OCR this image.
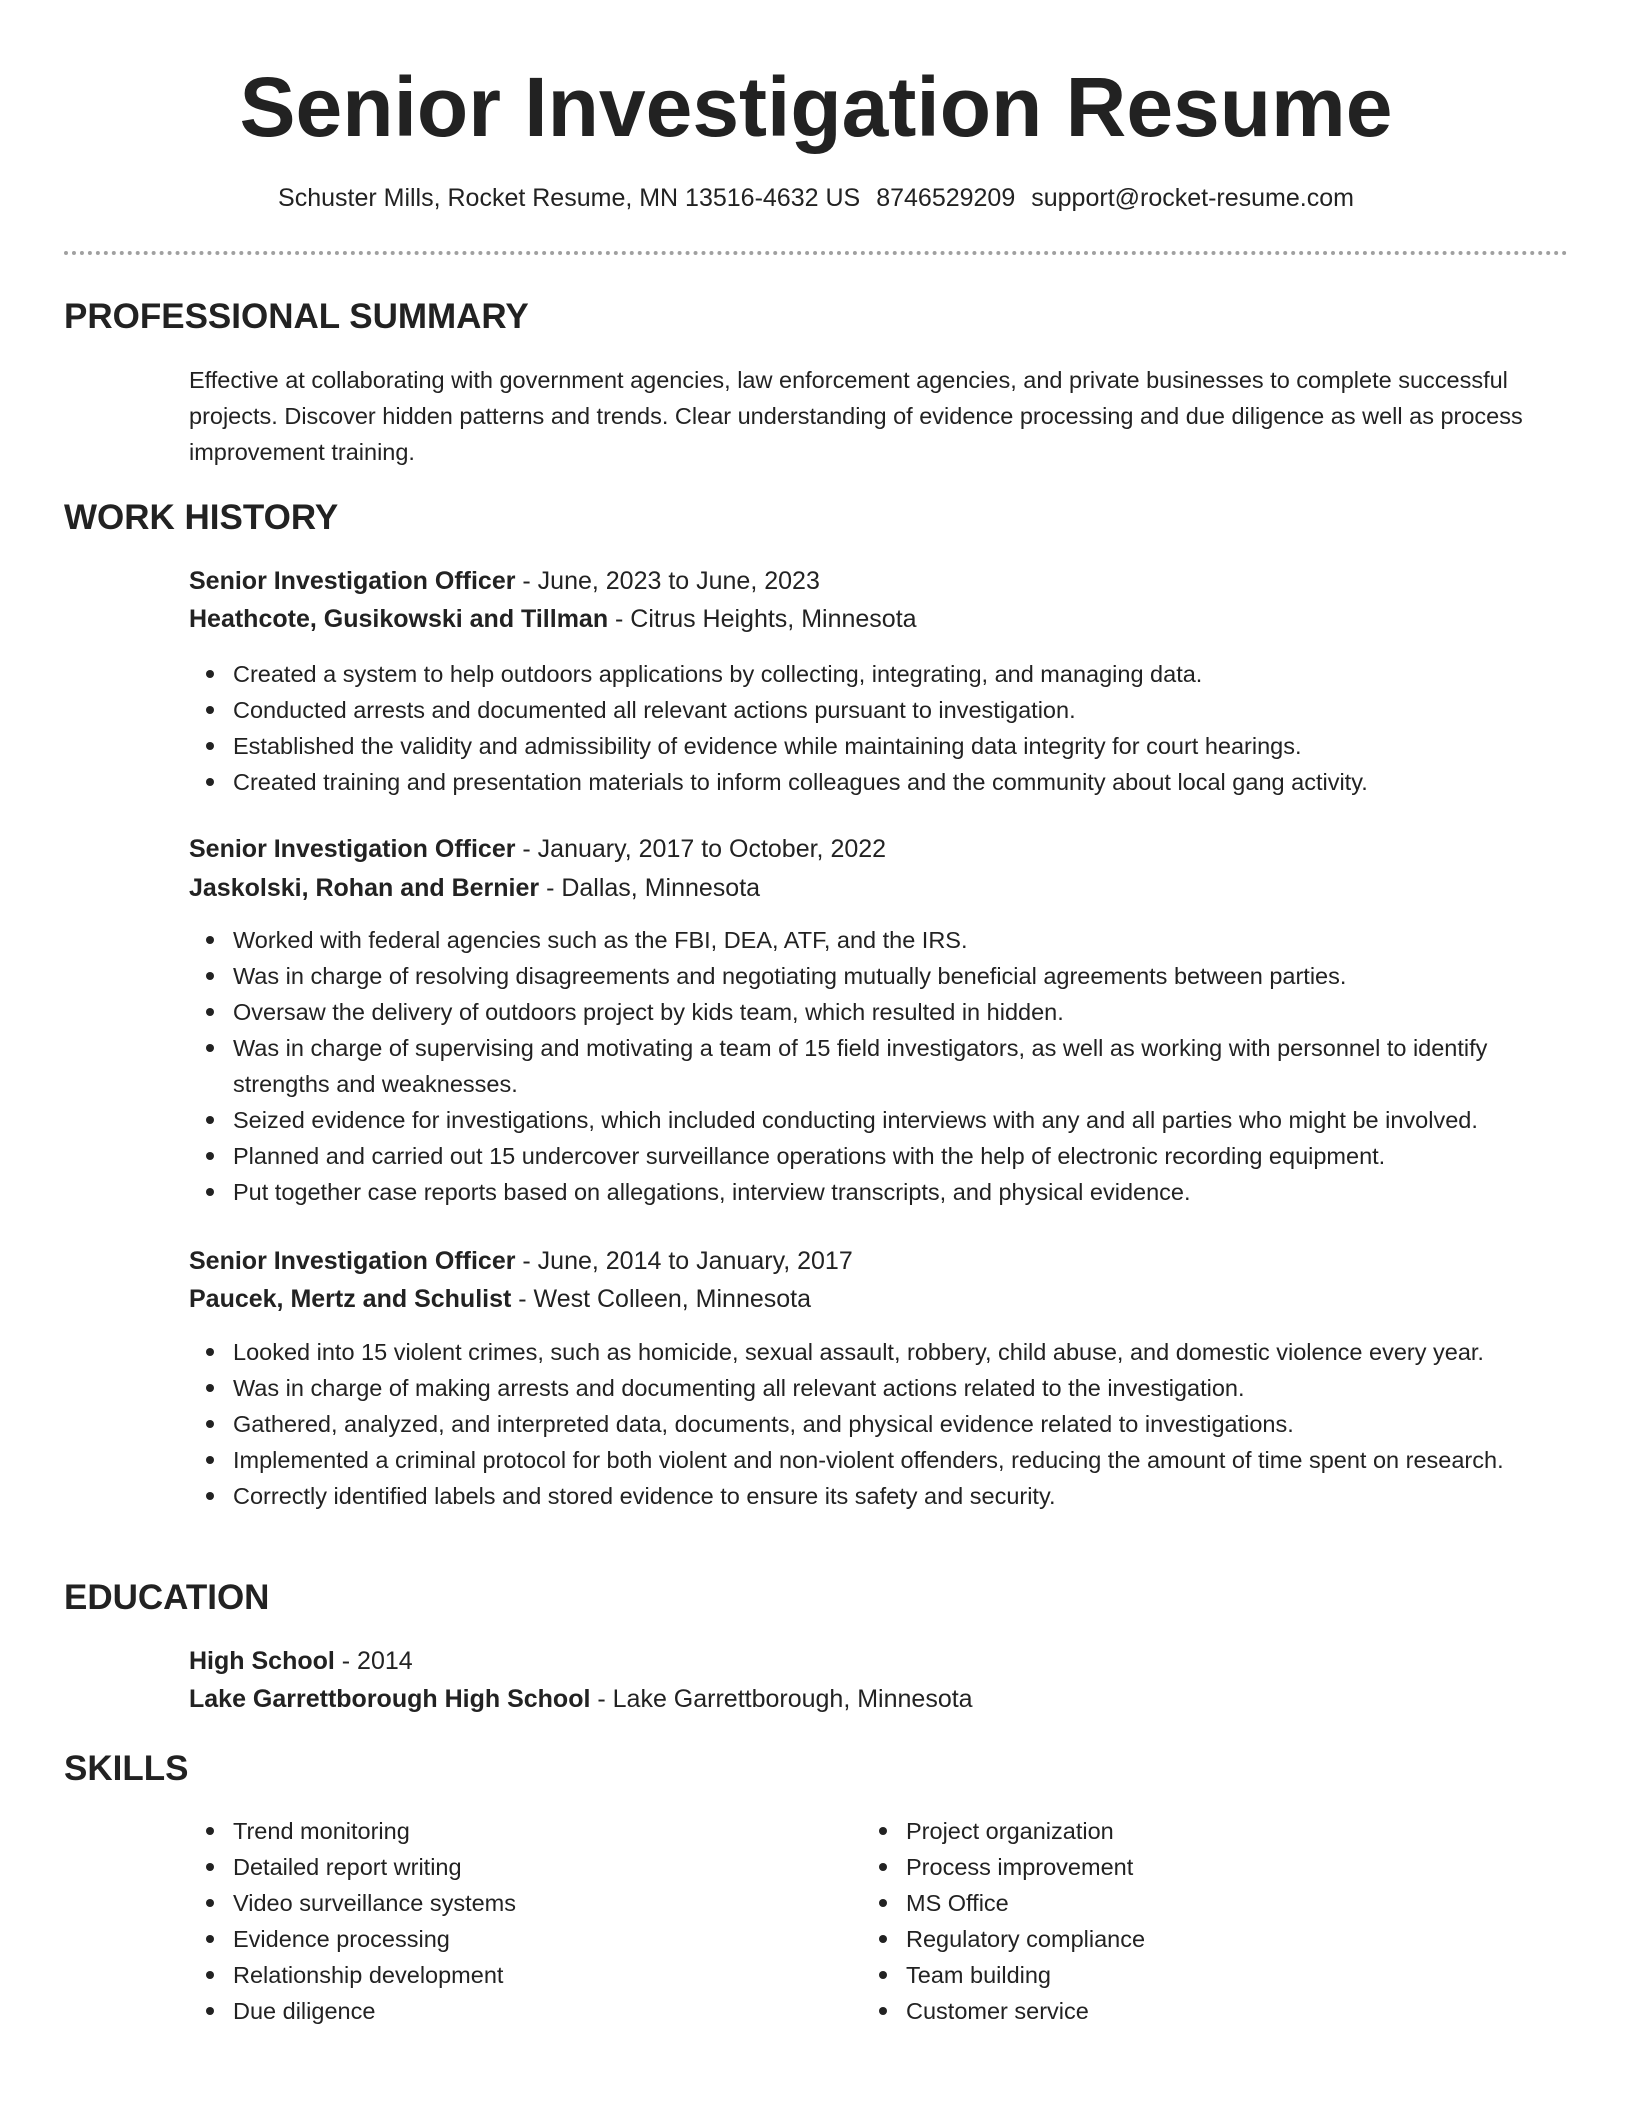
Senior Investigation Resume
Schuster Mills, Rocket Resume, MN 13516-4632 US 8746529209 support@rocket-resume.com
PROFESSIONAL SUMMARY
Effective at collaborating with government agencies, law enforcement agencies, and private businesses to complete successful projects. Discover hidden patterns and trends. Clear understanding of evidence processing and due diligence as well as process improvement training.
WORK HISTORY
Senior Investigation Officer - June, 2023 to June, 2023
Heathcote, Gusikowski and Tillman - Citrus Heights, Minnesota
Created a system to help outdoors applications by collecting, integrating, and managing data.
Conducted arrests and documented all relevant actions pursuant to investigation.
Established the validity and admissibility of evidence while maintaining data integrity for court hearings.
Created training and presentation materials to inform colleagues and the community about local gang activity.
Senior Investigation Officer - January, 2017 to October, 2022
Jaskolski, Rohan and Bernier - Dallas, Minnesota
Worked with federal agencies such as the FBI, DEA, ATF, and the IRS.
Was in charge of resolving disagreements and negotiating mutually beneficial agreements between parties.
Oversaw the delivery of outdoors project by kids team, which resulted in hidden.
Was in charge of supervising and motivating a team of 15 field investigators, as well as working with personnel to identify strengths and weaknesses.
Seized evidence for investigations, which included conducting interviews with any and all parties who might be involved.
Planned and carried out 15 undercover surveillance operations with the help of electronic recording equipment.
Put together case reports based on allegations, interview transcripts, and physical evidence.
Senior Investigation Officer - June, 2014 to January, 2017
Paucek, Mertz and Schulist - West Colleen, Minnesota
Looked into 15 violent crimes, such as homicide, sexual assault, robbery, child abuse, and domestic violence every year.
Was in charge of making arrests and documenting all relevant actions related to the investigation.
Gathered, analyzed, and interpreted data, documents, and physical evidence related to investigations.
Implemented a criminal protocol for both violent and non-violent offenders, reducing the amount of time spent on research.
Correctly identified labels and stored evidence to ensure its safety and security.
EDUCATION
High School - 2014
Lake Garrettborough High School - Lake Garrettborough, Minnesota
SKILLS
Trend monitoring
Detailed report writing
Video surveillance systems
Evidence processing
Relationship development
Due diligence
Project organization
Process improvement
MS Office
Regulatory compliance
Team building
Customer service
